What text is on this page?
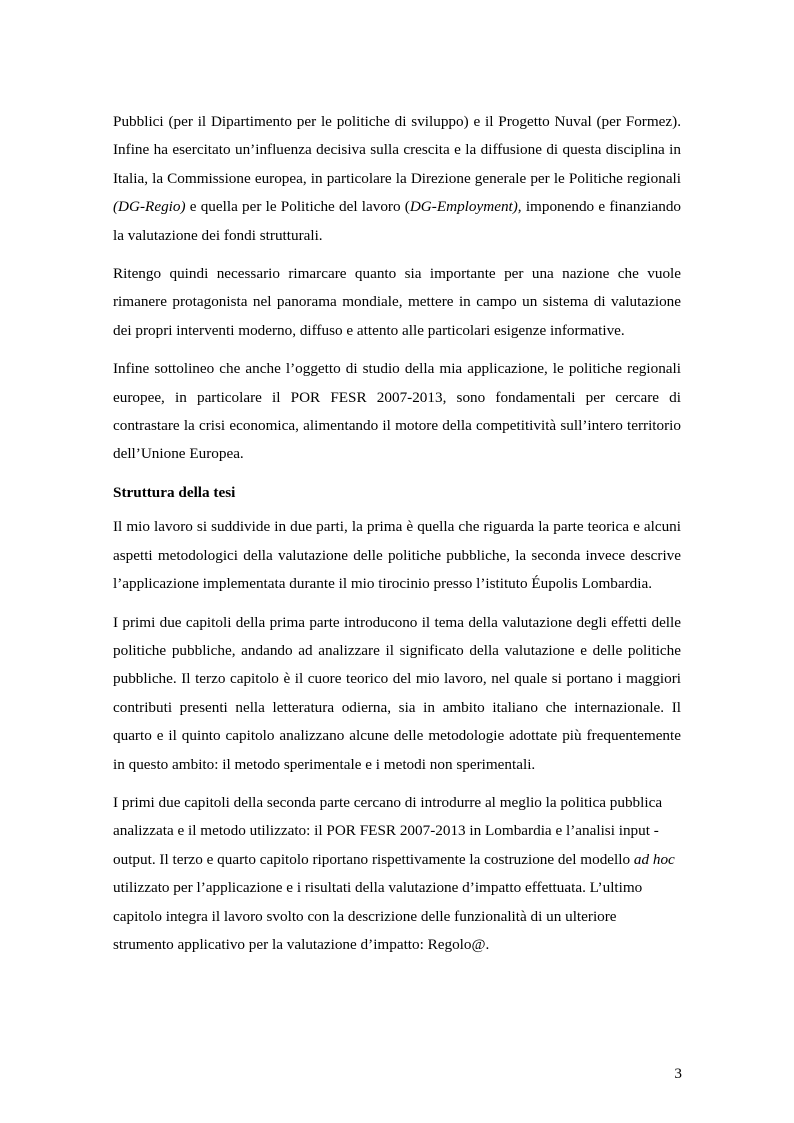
Pubblici (per il Dipartimento per le politiche di sviluppo) e il Progetto Nuval (per Formez). Infine ha esercitato un’influenza decisiva sulla crescita e la diffusione di questa disciplina in Italia, la Commissione europea, in particolare la Direzione generale per le Politiche regionali (DG-Regio) e quella per le Politiche del lavoro (DG-Employment), imponendo e finanziando la valutazione dei fondi strutturali.

Ritengo quindi necessario rimarcare quanto sia importante per una nazione che vuole rimanere protagonista nel panorama mondiale, mettere in campo un sistema di valutazione dei propri interventi moderno, diffuso e attento alle particolari esigenze informative.

Infine sottolineo che anche l’oggetto di studio della mia applicazione, le politiche regionali europee, in particolare il POR FESR 2007-2013, sono fondamentali per cercare di contrastare la crisi economica, alimentando il motore della competitività sull’intero territorio dell’Unione Europea.

Struttura della tesi

Il mio lavoro si suddivide in due parti, la prima è quella che riguarda la parte teorica e alcuni aspetti metodologici della valutazione delle politiche pubbliche, la seconda invece descrive l’applicazione implementata durante il mio tirocinio presso l’istituto Éupolis Lombardia.

I primi due capitoli della prima parte introducono il tema della valutazione degli effetti delle politiche pubbliche, andando ad analizzare il significato della valutazione e delle politiche pubbliche. Il terzo capitolo è il cuore teorico del mio lavoro, nel quale si portano i maggiori contributi presenti nella letteratura odierna, sia in ambito italiano che internazionale. Il quarto e il quinto capitolo analizzano alcune delle metodologie adottate più frequentemente in questo ambito: il metodo sperimentale e i metodi non sperimentali.

I primi due capitoli della seconda parte cercano di introdurre al meglio la politica pubblica analizzata e il metodo utilizzato: il POR FESR 2007-2013 in Lombardia e l’analisi input - output. Il terzo e quarto capitolo riportano rispettivamente la costruzione del modello ad hoc utilizzato per l’applicazione e i risultati della valutazione d’impatto effettuata. L’ultimo capitolo integra il lavoro svolto con la descrizione delle funzionalità di un ulteriore strumento applicativo per la valutazione d’impatto: Regolo@.

3
